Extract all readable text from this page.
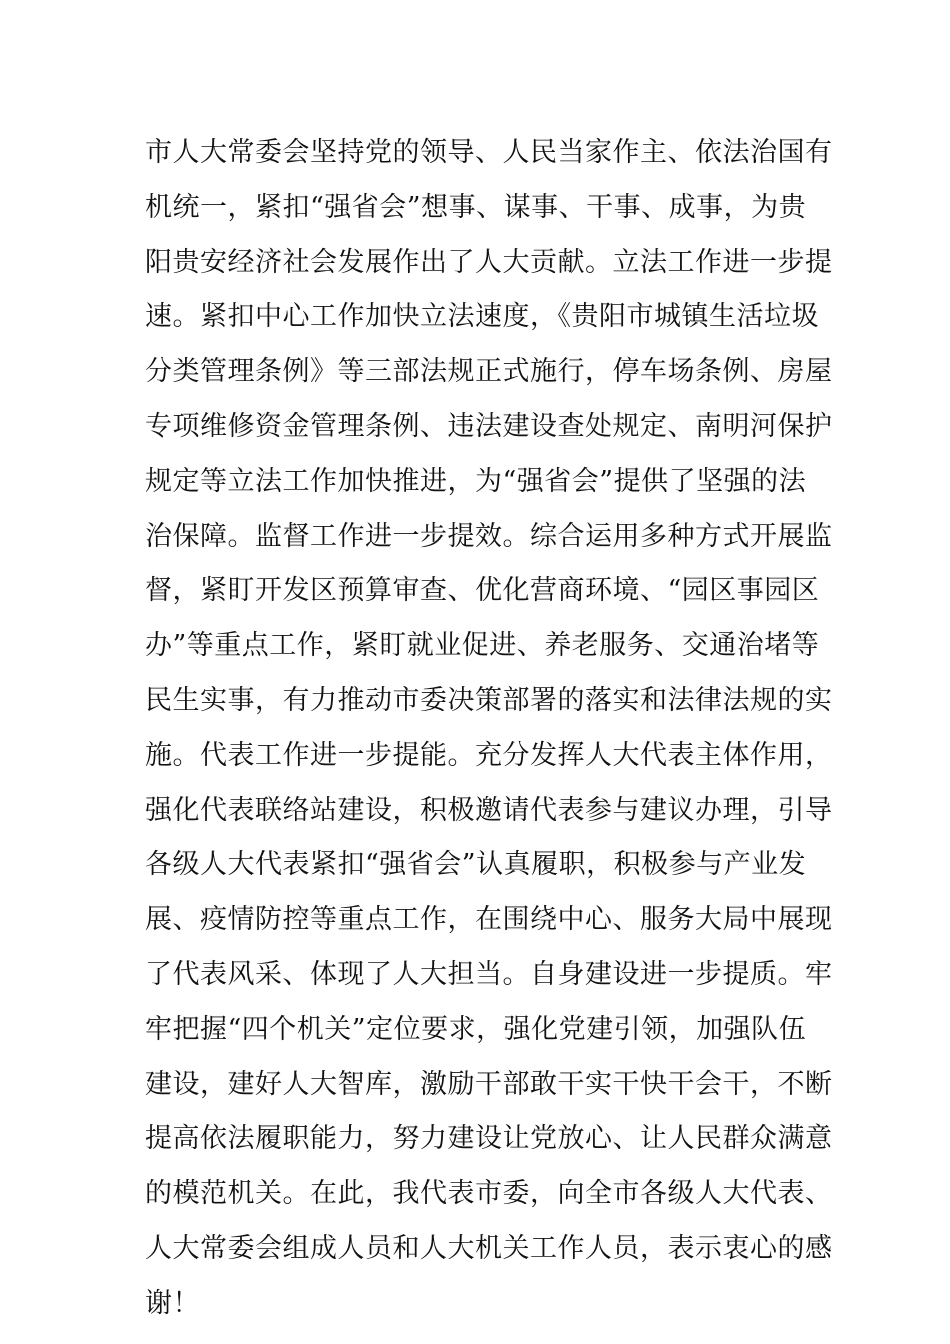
市人大常委会坚持党的领导、人民当家作主、依法治国有
机统一，紧扣“强省会”想事、谋事、干事、成事，为贵
阳贵安经济社会发展作出了人大贡献。立法工作进一步提
速。紧扣中心工作加快立法速度，《贵阳市城镇生活垃圾
分类管理条例》等三部法规正式施行，停车场条例、房屋
专项维修资金管理条例、违法建设查处规定、南明河保护
规定等立法工作加快推进，为“强省会”提供了坚强的法
治保障。监督工作进一步提效。综合运用多种方式开展监
督，紧盯开发区预算审查、优化营商环境、“园区事园区
办”等重点工作，紧盯就业促进、养老服务、交通治堵等
民生实事，有力推动市委决策部署的落实和法律法规的实
施。代表工作进一步提能。充分发挥人大代表主体作用，
强化代表联络站建设，积极邀请代表参与建议办理，引导
各级人大代表紧扣“强省会”认真履职，积极参与产业发
展、疫情防控等重点工作，在围绕中心、服务大局中展现
了代表风采、体现了人大担当。自身建设进一步提质。牢
牢把握“四个机关”定位要求，强化党建引领，加强队伍
建设，建好人大智库，激励干部敢干实干快干会干，不断
提高依法履职能力，努力建设让党放心、让人民群众满意
的模范机关。在此，我代表市委，向全市各级人大代表、
人大常委会组成人员和人大机关工作人员，表示衷心的感
谢！
